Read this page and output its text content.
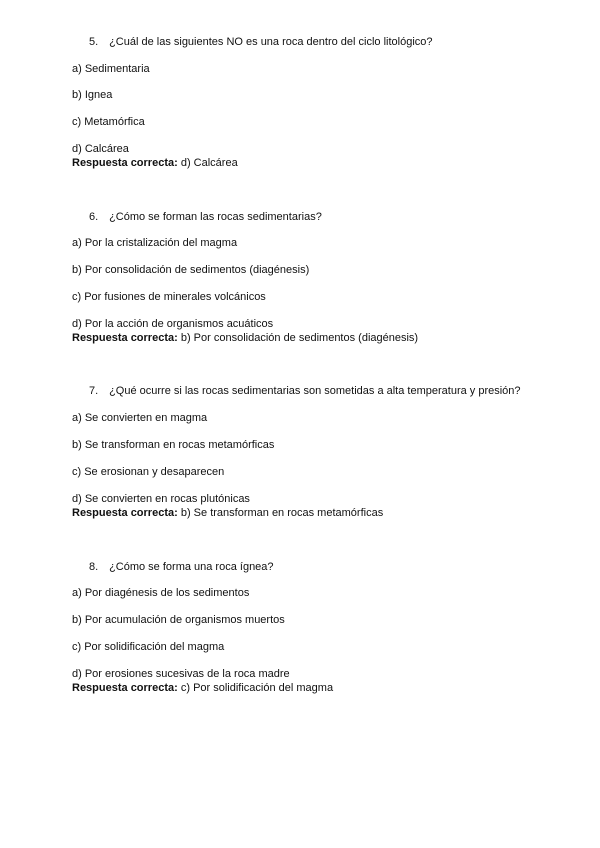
5. ¿Cuál de las siguientes NO es una roca dentro del ciclo litológico?
a) Sedimentaria
b) Ignea
c) Metamórfica
d) Calcárea
Respuesta correcta: d) Calcárea
6. ¿Cómo se forman las rocas sedimentarias?
a) Por la cristalización del magma
b) Por consolidación de sedimentos (diagénesis)
c) Por fusiones de minerales volcánicos
d) Por la acción de organismos acuáticos
Respuesta correcta: b) Por consolidación de sedimentos (diagénesis)
7. ¿Qué ocurre si las rocas sedimentarias son sometidas a alta temperatura y presión?
a) Se convierten en magma
b) Se transforman en rocas metamórficas
c) Se erosionan y desaparecen
d) Se convierten en rocas plutónicas
Respuesta correcta: b) Se transforman en rocas metamórficas
8. ¿Cómo se forma una roca ígnea?
a) Por diagénesis de los sedimentos
b) Por acumulación de organismos muertos
c) Por solidificación del magma
d) Por erosiones sucesivas de la roca madre
Respuesta correcta: c) Por solidificación del magma
